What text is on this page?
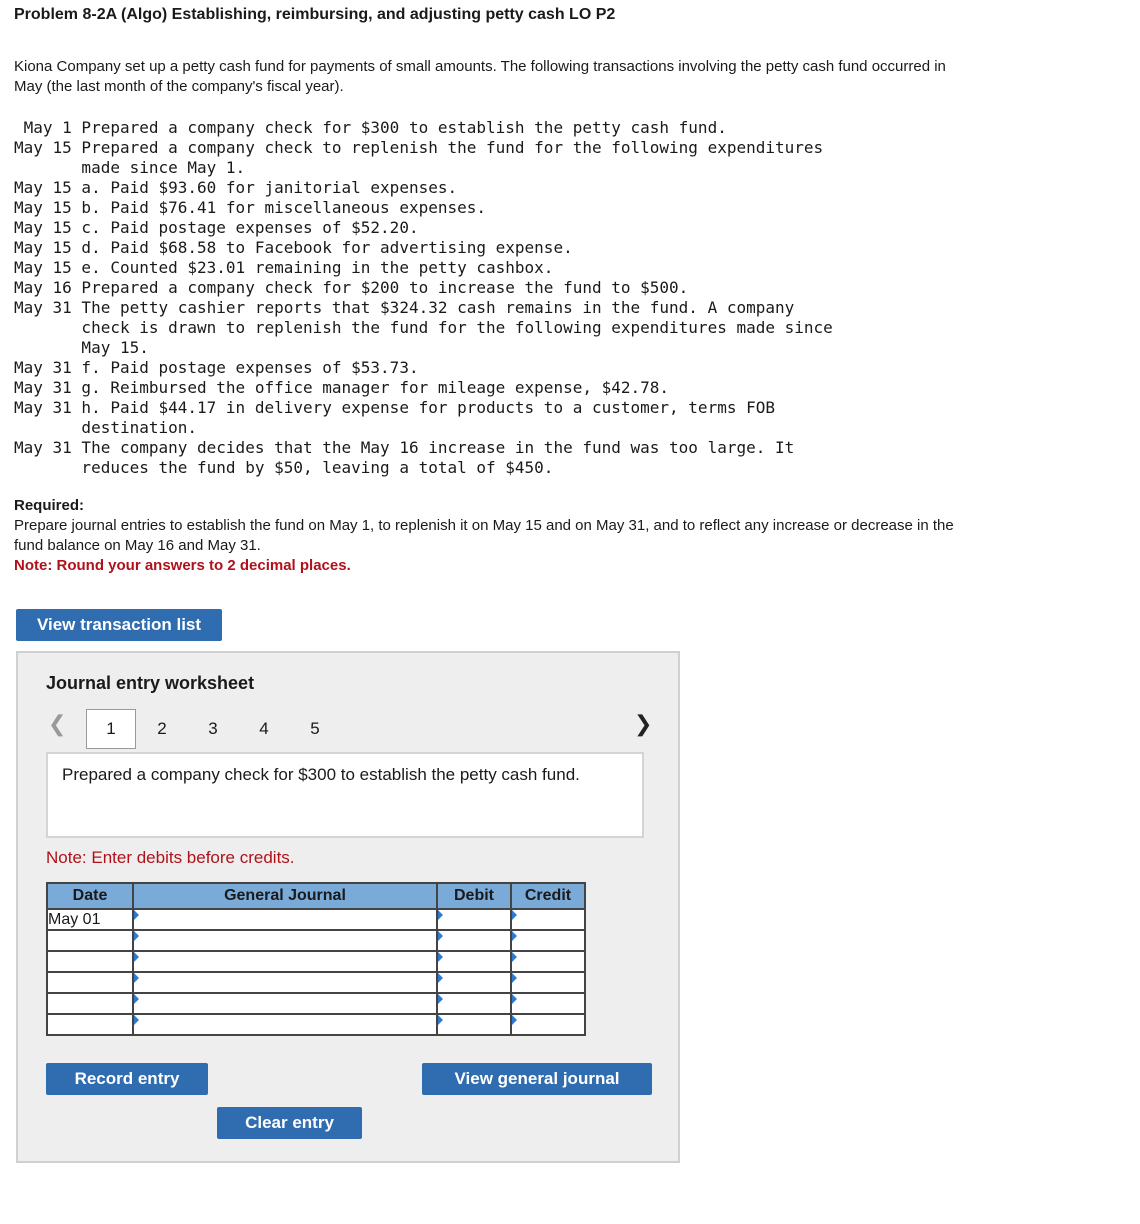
Problem 8-2A (Algo) Establishing, reimbursing, and adjusting petty cash LO P2
Kiona Company set up a petty cash fund for payments of small amounts. The following transactions involving the petty cash fund occurred in May (the last month of the company's fiscal year).
May 1 Prepared a company check for $300 to establish the petty cash fund.
May 15 Prepared a company check to replenish the fund for the following expenditures
made since May 1.
May 15 a. Paid $93.60 for janitorial expenses.
May 15 b. Paid $76.41 for miscellaneous expenses.
May 15 c. Paid postage expenses of $52.20.
May 15 d. Paid $68.58 to Facebook for advertising expense.
May 15 e. Counted $23.01 remaining in the petty cashbox.
May 16 Prepared a company check for $200 to increase the fund to $500.
May 31 The petty cashier reports that $324.32 cash remains in the fund. A company
check is drawn to replenish the fund for the following expenditures made since
May 15.
May 31 f. Paid postage expenses of $53.73.
May 31 g. Reimbursed the office manager for mileage expense, $42.78.
May 31 h. Paid $44.17 in delivery expense for products to a customer, terms FOB
destination.
May 31 The company decides that the May 16 increase in the fund was too large. It
reduces the fund by $50, leaving a total of $450.
Required:
Prepare journal entries to establish the fund on May 1, to replenish it on May 15 and on May 31, and to reflect any increase or decrease in the fund balance on May 16 and May 31.
Note: Round your answers to 2 decimal places.
View transaction list
Journal entry worksheet
❮	1	2	3	4	5	❯
Prepared a company check for $300 to establish the petty cash fund.
Note: Enter debits before credits.
Date	General Journal	Debit	Credit
May 01			

Record entry	View general journal
Clear entry
